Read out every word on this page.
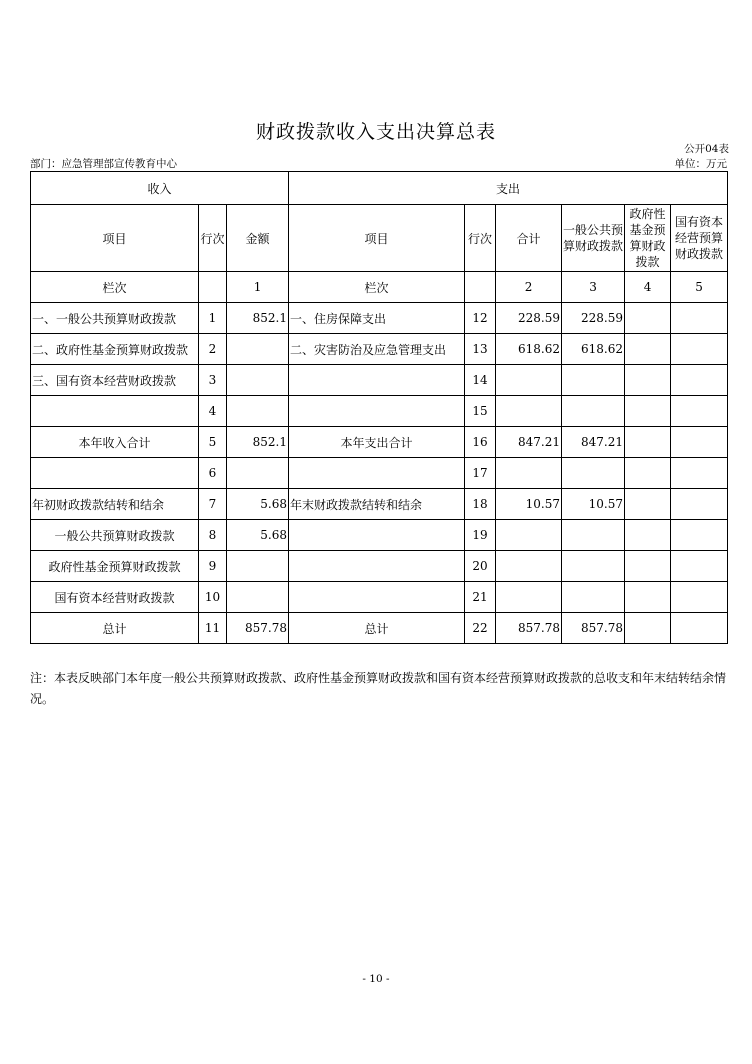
财政拨款收入支出决算总表
公开04表
部门：应急管理部宣传教育中心	单位：万元
收入			支出					
项目	行次	金额	项目	行次	合计	一般公共预算财政拨款	政府性基金预算财政拨款	国有资本经营预算财政拨款
栏次		1	栏次		2	3	4	5
一、一般公共预算财政拨款	1	852.1	一、住房保障支出	12	228.59	228.59		
二、政府性基金预算财政拨款	2		二、灾害防治及应急管理支出	13	618.62	618.62		
三、国有资本经营财政拨款	3			14				
	4			15				
本年收入合计	5	852.1	本年支出合计	16	847.21	847.21		
	6			17				
年初财政拨款结转和结余	7	5.68	年末财政拨款结转和结余	18	10.57	10.57		
一般公共预算财政拨款	8	5.68		19				
政府性基金预算财政拨款	9			20				
国有资本经营财政拨款	10			21				
总计	11	857.78	总计	22	857.78	857.78		
注：本表反映部门本年度一般公共预算财政拨款、政府性基金预算财政拨款和国有资本经营预算财政拨款的总收支和年末结转结余情况。
- 10 -
